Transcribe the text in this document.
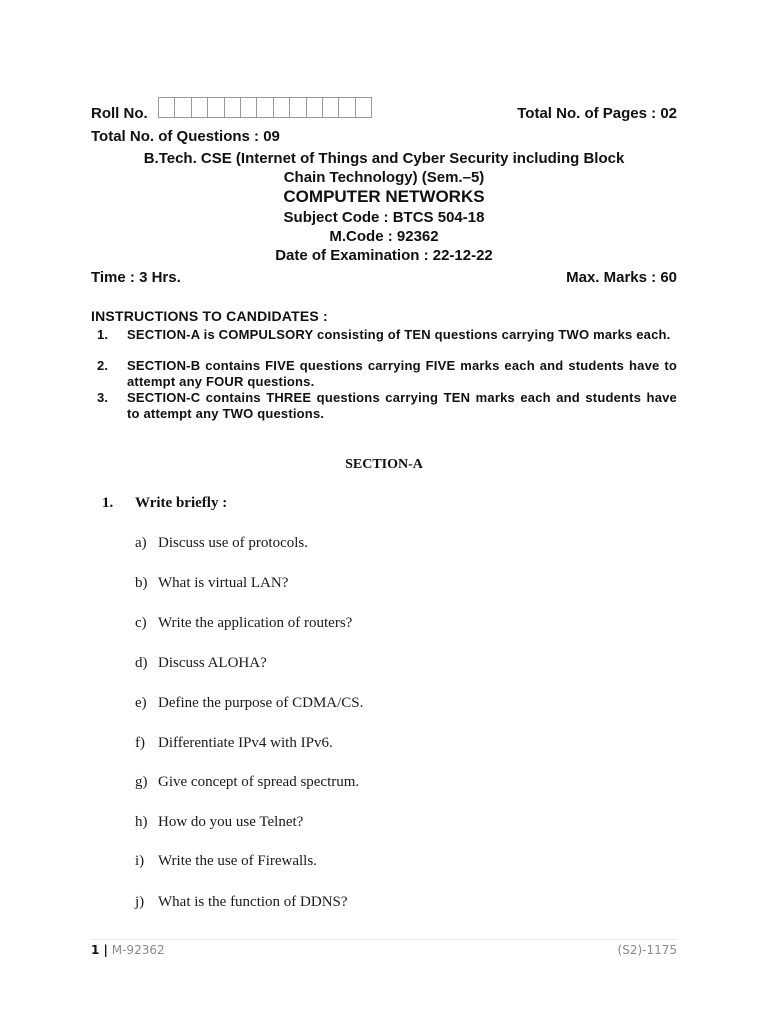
Roll No.	Total No. of Pages : 02
Total No. of Questions : 09
B.Tech. CSE (Internet of Things and Cyber Security including Block
Chain Technology) (Sem.–5)
COMPUTER NETWORKS
Subject Code : BTCS 504-18
M.Code : 92362
Date of Examination : 22-12-22
Time : 3 Hrs.	Max. Marks : 60
INSTRUCTIONS TO CANDIDATES :
1. SECTION-A is COMPULSORY consisting of TEN questions carrying TWO marks each.
2. SECTION-B contains FIVE questions carrying FIVE marks each and students have to attempt any FOUR questions.
3. SECTION-C contains THREE questions carrying TEN marks each and students have to attempt any TWO questions.
SECTION-A
1. Write briefly :
a) Discuss use of protocols.
b) What is virtual LAN?
c) Write the application of routers?
d) Discuss ALOHA?
e) Define the purpose of CDMA/CS.
f) Differentiate IPv4 with IPv6.
g) Give concept of spread spectrum.
h) How do you use Telnet?
i) Write the use of Firewalls.
j) What is the function of DDNS?
1 | M-92362	(S2)-1175
